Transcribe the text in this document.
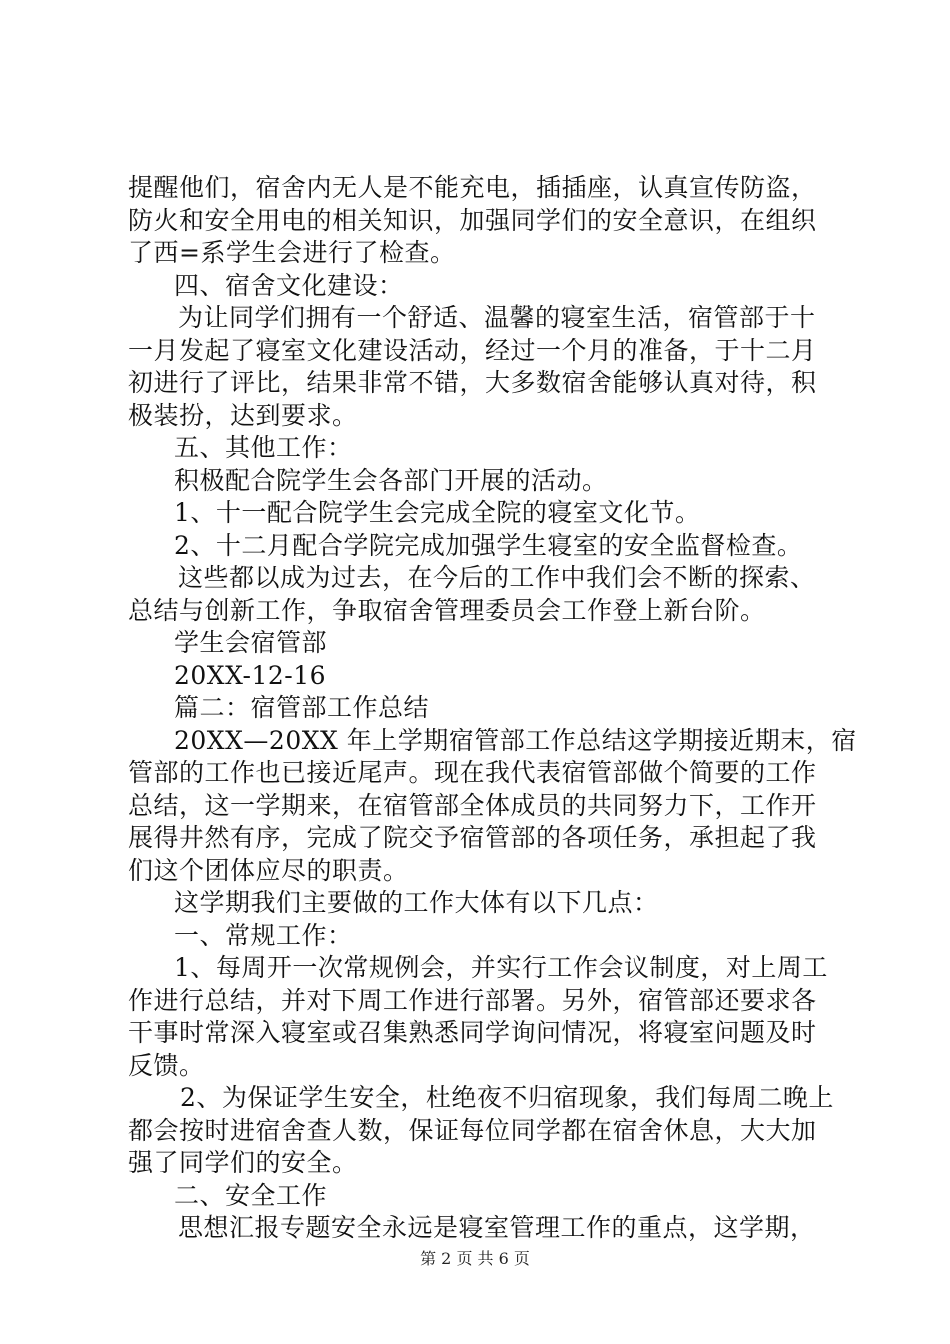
提醒他们，宿舍内无人是不能充电，插插座，认真宣传防盗，

防火和安全用电的相关知识，加强同学们的安全意识，在组织

了西=系学生会进行了检查。

四、宿舍文化建设：

为让同学们拥有一个舒适、温馨的寝室生活，宿管部于十

一月发起了寝室文化建设活动，经过一个月的准备，于十二月

初进行了评比，结果非常不错，大多数宿舍能够认真对待，积

极装扮，达到要求。

五、其他工作：

积极配合院学生会各部门开展的活动。

1、十一配合院学生会完成全院的寝室文化节。

2、十二月配合学院完成加强学生寝室的安全监督检查。

这些都以成为过去，在今后的工作中我们会不断的探索、

总结与创新工作，争取宿舍管理委员会工作登上新台阶。

学生会宿管部

20XX-12-16

篇二：宿管部工作总结

20XX—20XX 年上学期宿管部工作总结这学期接近期末，宿

管部的工作也已接近尾声。现在我代表宿管部做个简要的工作

总结，这一学期来，在宿管部全体成员的共同努力下，工作开

展得井然有序，完成了院交予宿管部的各项任务，承担起了我

们这个团体应尽的职责。

这学期我们主要做的工作大体有以下几点：

一、常规工作：

1、每周开一次常规例会，并实行工作会议制度，对上周工

作进行总结，并对下周工作进行部署。另外，宿管部还要求各

干事时常深入寝室或召集熟悉同学询问情况，将寝室问题及时

反馈。

2、为保证学生安全，杜绝夜不归宿现象，我们每周二晚上

都会按时进宿舍查人数，保证每位同学都在宿舍休息，大大加

强了同学们的安全。

二、安全工作

思想汇报专题安全永远是寝室管理工作的重点，这学期，

第 2 页 共 6 页
